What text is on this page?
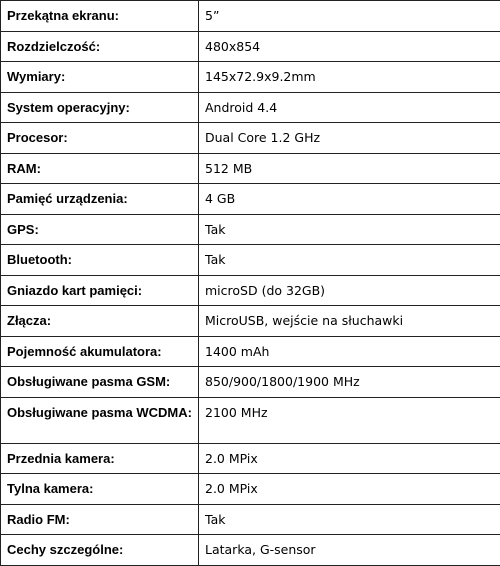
Przekątna ekranu:	5”
Rozdzielczość:	480x854
Wymiary:	145x72.9x9.2mm
System operacyjny:	Android 4.4
Procesor:	Dual Core 1.2 GHz
RAM:	512 MB
Pamięć urządzenia:	4 GB
GPS:	Tak
Bluetooth:	Tak
Gniazdo kart pamięci:	microSD (do 32GB)
Złącza:	MicroUSB, wejście na słuchawki
Pojemność akumulatora:	1400 mAh
Obsługiwane pasma GSM:	850/900/1800/1900 MHz
Obsługiwane pasma WCDMA:	2100 MHz
Przednia kamera:	2.0 MPix
Tylna kamera:	2.0 MPix
Radio FM:	Tak
Cechy szczególne:	Latarka, G-sensor
